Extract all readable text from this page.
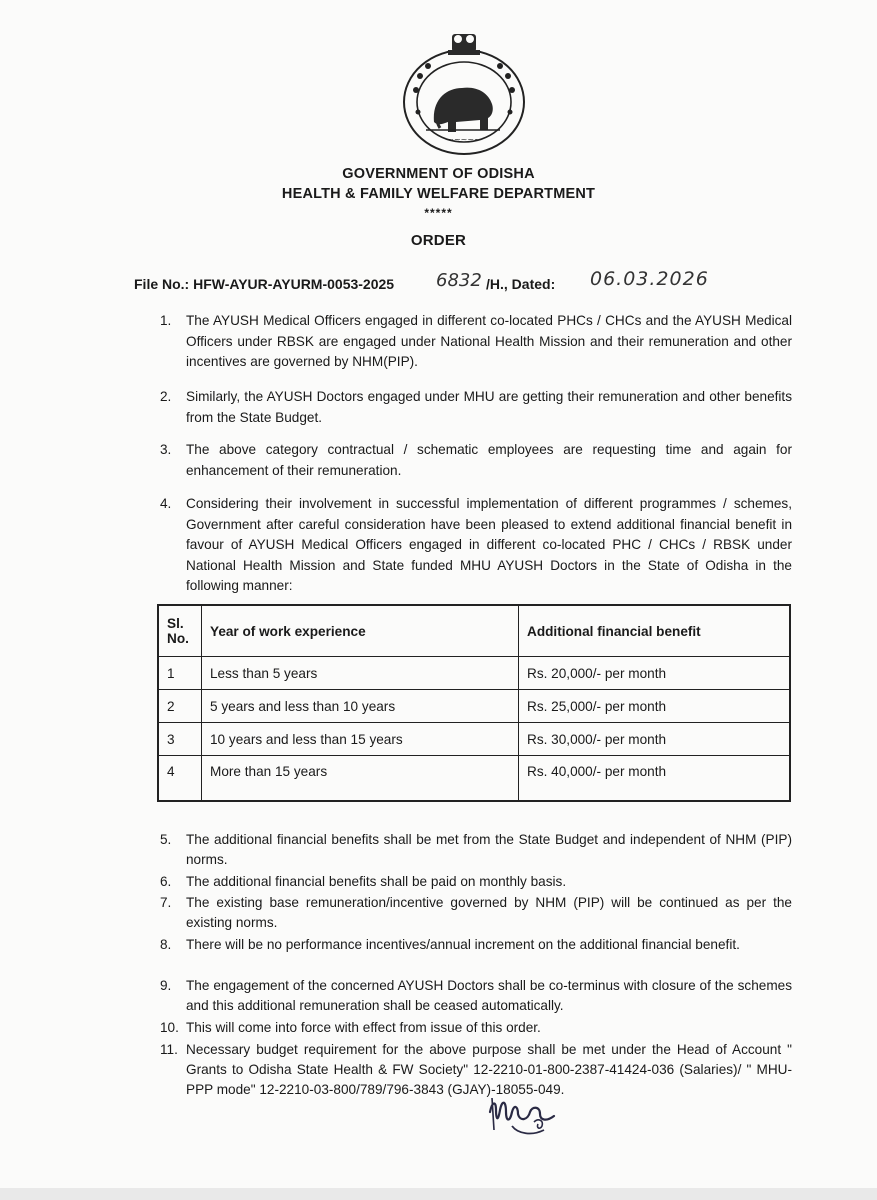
~~~~~
GOVERNMENT OF ODISHA
HEALTH & FAMILY WELFARE DEPARTMENT
*****
ORDER
File No.: HFW-AYUR-AYURM-0053-2025 6832 /H., Dated: 06.03.2026
1.	The AYUSH Medical Officers engaged in different co-located PHCs / CHCs and the AYUSH Medical Officers under RBSK are engaged under National Health Mission and their remuneration and other incentives are governed by NHM(PIP).
2.	Similarly, the AYUSH Doctors engaged under MHU are getting their remuneration and other benefits from the State Budget.
3.	The above category contractual / schematic employees are requesting time and again for enhancement of their remuneration.
4.	Considering their involvement in successful implementation of different programmes / schemes, Government after careful consideration have been pleased to extend additional financial benefit in favour of AYUSH Medical Officers engaged in different co-located PHC / CHCs / RBSK under National Health Mission and State funded MHU AYUSH Doctors in the State of Odisha in the following manner:
Sl. No.	Year of work experience	Additional financial benefit
1	Less than 5 years	Rs. 20,000/- per month
2	5 years and less than 10 years	Rs. 25,000/- per month
3	10 years and less than 15 years	Rs. 30,000/- per month
4	More than 15 years	Rs. 40,000/- per month
5.	The additional financial benefits shall be met from the State Budget and independent of NHM (PIP) norms.
6.	The additional financial benefits shall be paid on monthly basis.
7.	The existing base remuneration/incentive governed by NHM (PIP) will be continued as per the existing norms.
8.	There will be no performance incentives/annual increment on the additional financial benefit.
9.	The engagement of the concerned AYUSH Doctors shall be co-terminus with closure of the schemes and this additional remuneration shall be ceased automatically.
10. This will come into force with effect from issue of this order.
11. Necessary budget requirement for the above purpose shall be met under the Head of Account " Grants to Odisha State Health & FW Society" 12-2210-01-800-2387-41424-036 (Salaries)/ " MHU-PPP mode" 12-2210-03-800/789/796-3843 (GJAY)-18055-049.
